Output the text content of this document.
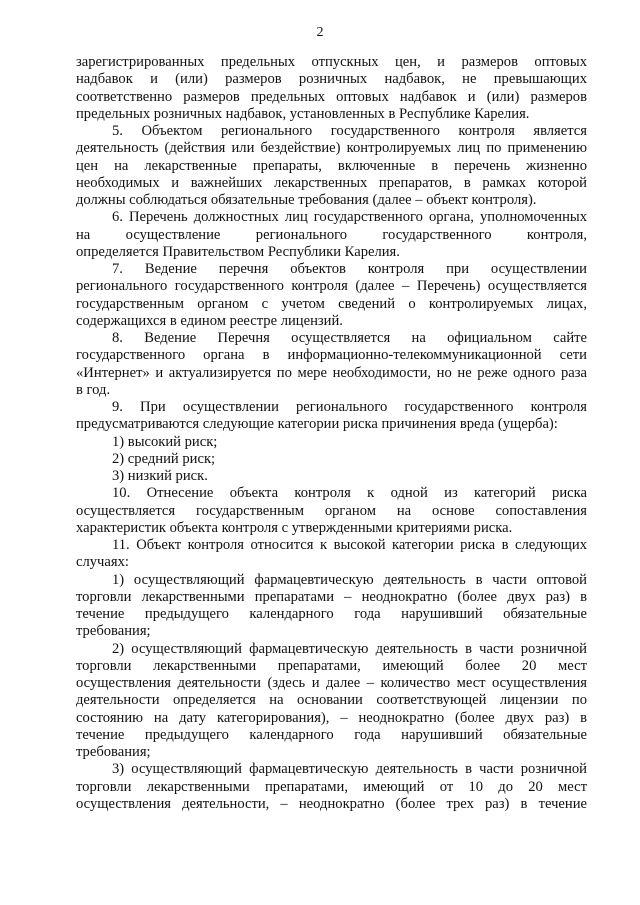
2
зарегистрированных предельных отпускных цен, и размеров оптовых
надбавок и (или) размеров розничных надбавок, не превышающих
соответственно размеров предельных оптовых надбавок и (или) размеров
предельных розничных надбавок, установленных в Республике Карелия.
5. Объектом регионального государственного контроля является
деятельность (действия или бездействие) контролируемых лиц по применению
цен на лекарственные препараты, включенные в перечень жизненно
необходимых и важнейших лекарственных препаратов, в рамках которой
должны соблюдаться обязательные требования (далее – объект контроля).
6. Перечень должностных лиц государственного органа, уполномоченных
на осуществление регионального государственного контроля,
определяется Правительством Республики Карелия.
7. Ведение перечня объектов контроля при осуществлении
регионального государственного контроля (далее – Перечень) осуществляется
государственным органом с учетом сведений о контролируемых лицах,
содержащихся в едином реестре лицензий.
8. Ведение Перечня осуществляется на официальном сайте
государственного органа в информационно-телекоммуникационной сети
«Интернет» и актуализируется по мере необходимости, но не реже одного раза
в год.
9. При осуществлении регионального государственного контроля
предусматриваются следующие категории риска причинения вреда (ущерба):
1) высокий риск;
2) средний риск;
3) низкий риск.
10. Отнесение объекта контроля к одной из категорий риска
осуществляется государственным органом на основе сопоставления
характеристик объекта контроля с утвержденными критериями риска.
11. Объект контроля относится к высокой категории риска в следующих
случаях:
1) осуществляющий фармацевтическую деятельность в части оптовой
торговли лекарственными препаратами – неоднократно (более двух раз) в
течение предыдущего календарного года нарушивший обязательные
требования;
2) осуществляющий фармацевтическую деятельность в части розничной
торговли лекарственными препаратами, имеющий более 20 мест
осуществления деятельности (здесь и далее – количество мест осуществления
деятельности определяется на основании соответствующей лицензии по
состоянию на дату категорирования), – неоднократно (более двух раз) в
течение предыдущего календарного года нарушивший обязательные
требования;
3) осуществляющий фармацевтическую деятельность в части розничной
торговли лекарственными препаратами, имеющий от 10 до 20 мест
осуществления деятельности, – неоднократно (более трех раз) в течение
